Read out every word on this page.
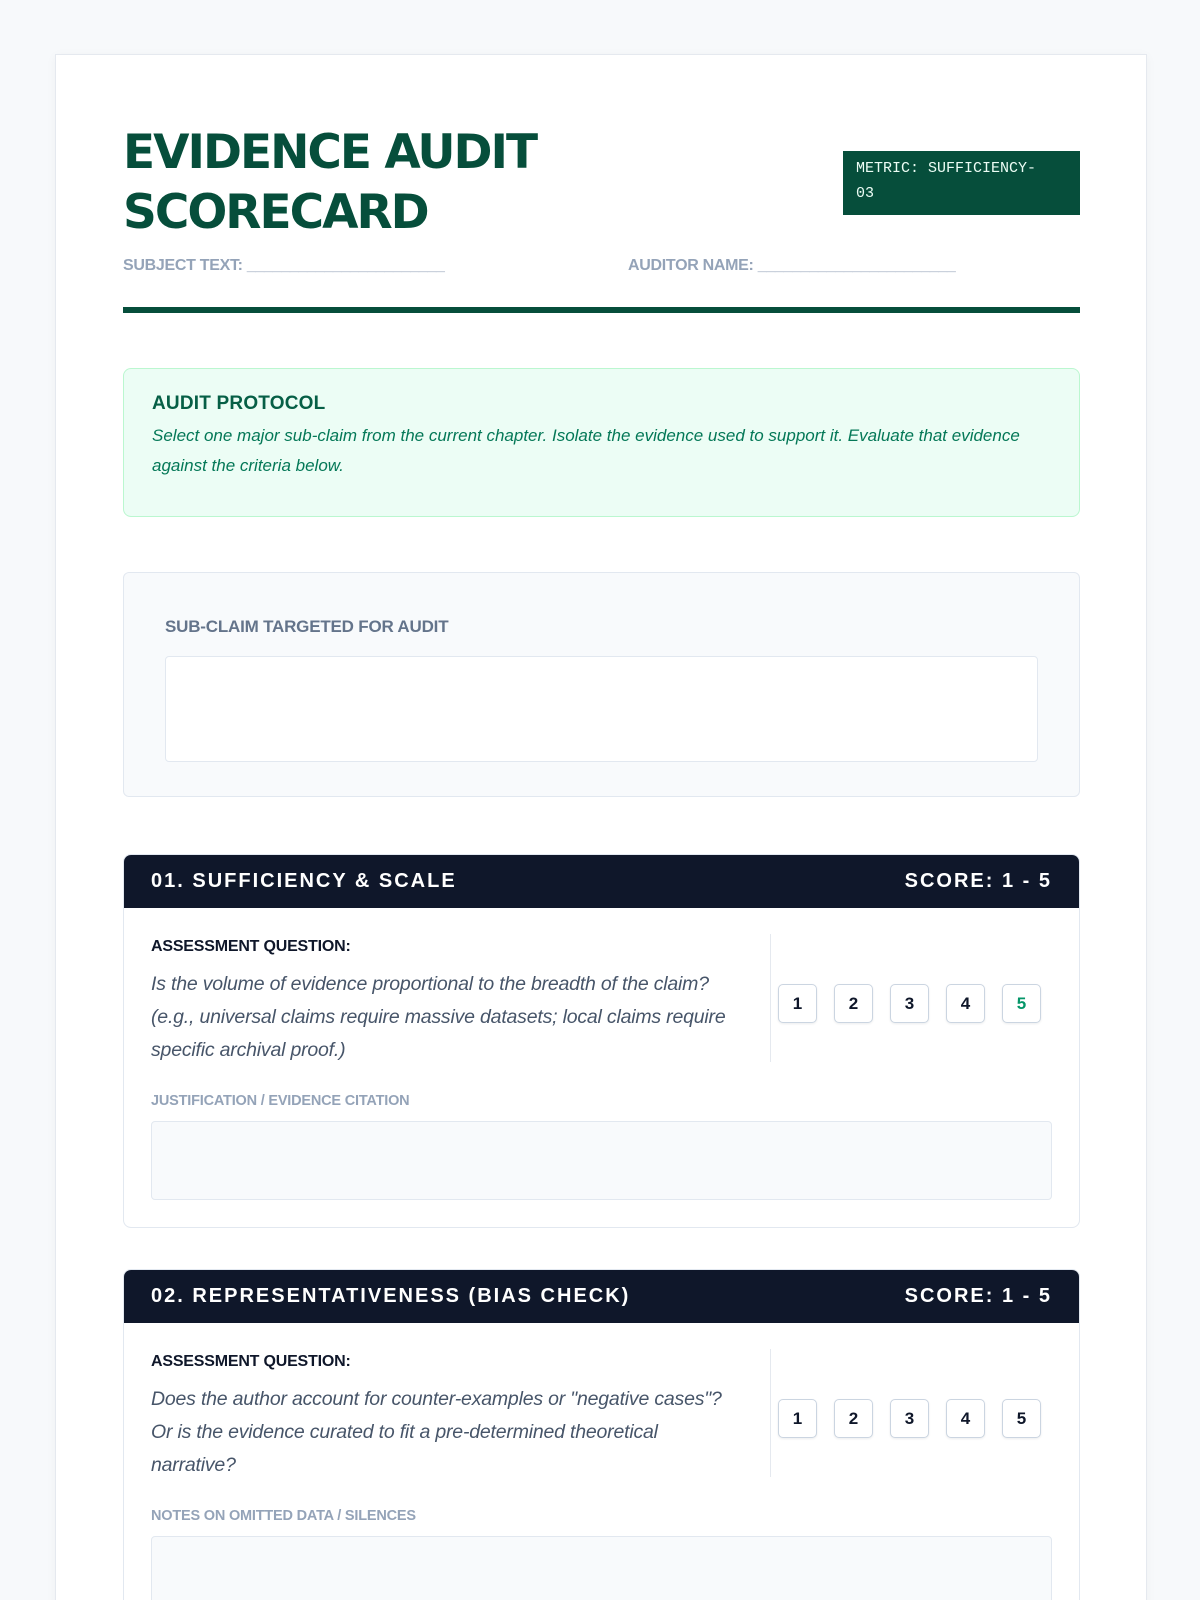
EVIDENCE AUDIT
SCORECARD
METRIC: SUFFICIENCY-
03
SUBJECT TEXT: _______________________	AUDITOR NAME: _______________________
AUDIT PROTOCOL
Select one major sub-claim from the current chapter. Isolate the evidence used to support it. Evaluate that evidence against the criteria below.
SUB-CLAIM TARGETED FOR AUDIT
01. SUFFICIENCY & SCALE	SCORE: 1 - 5
ASSESSMENT QUESTION:
Is the volume of evidence proportional to the breadth of the claim? (e.g., universal claims require massive datasets; local claims require specific archival proof.)
1	2	3	4	5
JUSTIFICATION / EVIDENCE CITATION
02. REPRESENTATIVENESS (BIAS CHECK)	SCORE: 1 - 5
ASSESSMENT QUESTION:
Does the author account for counter-examples or "negative cases"? Or is the evidence curated to fit a pre-determined theoretical narrative?
1	2	3	4	5
NOTES ON OMITTED DATA / SILENCES
